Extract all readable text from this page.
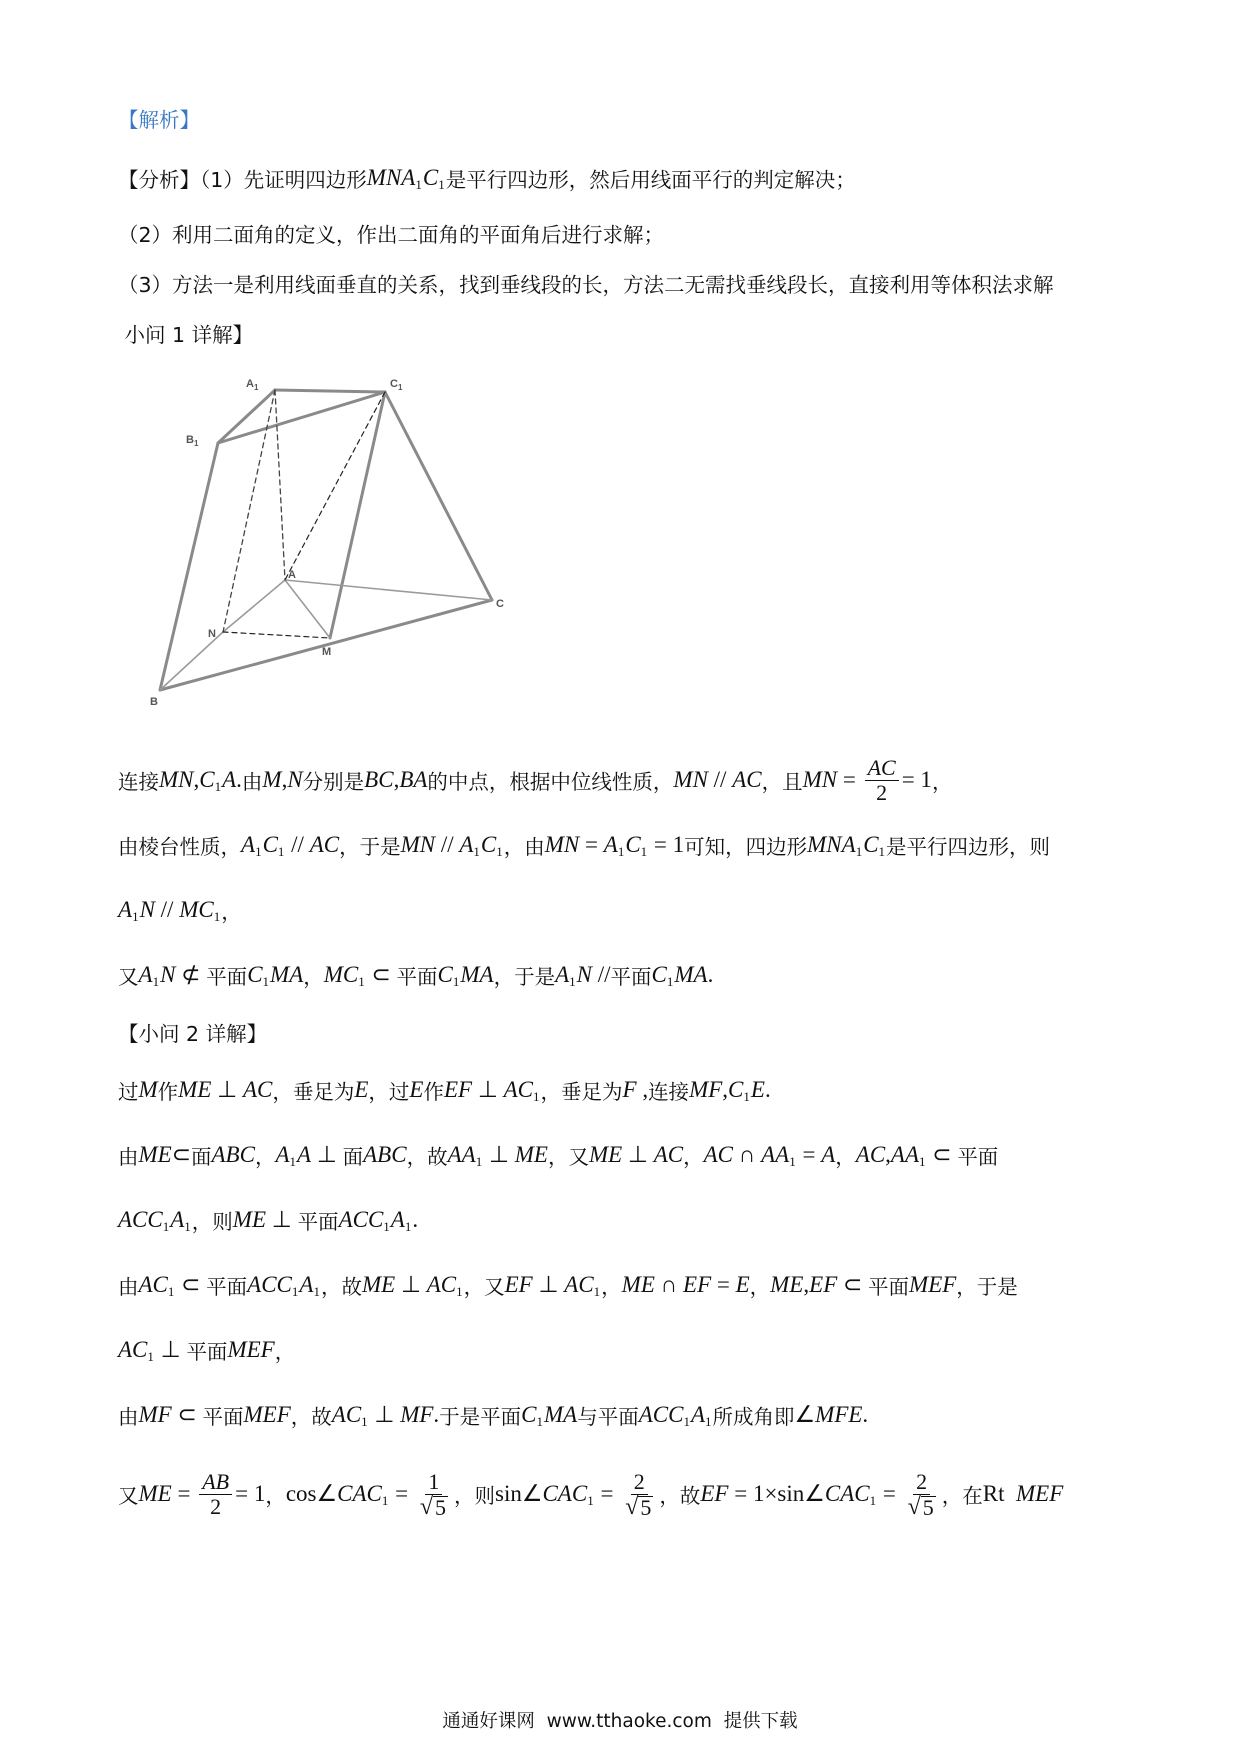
【解析】
【分析】（1）先证明四边形 MNA 1 C 1 是平行四边形，然后用线面平行的判定解决；
（2）利用二面角的定义，作出二面角的平面角后进行求解；
（3）方法一是利用线面垂直的关系，找到垂线段的长，方法二无需找垂线段长，直接利用等体积法求解
小问 1 详解】
$A_1$	$C_1$
$B_1$
A
C
N
M
B
连接 MN , C 1 A . 由 M , N 分别是 BC , BA 的中点，根据中位线性质， MN // AC ，且 MN = $\frac{AC}{2} = 1$ ，
由棱台性质， A 1 C 1 // AC ，于是 MN // A 1 C 1 ，由 MN = A 1 C 1 = 1 可知，四边形 MNA 1 C 1 是平行四边形，则
A 1 N // MC 1 ，
又 A 1 N ⊄ 平面 C 1 MA ， MC 1 ⊂ 平面 C 1 MA ，于是 A 1 N // 平面 C 1 MA .
【小问 2 详解】
过 M 作 ME ⊥ AC ，垂足为 E ，过 E 作 EF ⊥ AC 1 ，垂足为 F , 连接 MF , C 1 E .
由 ME ⊂ 面 ABC ， A 1 A ⊥ 面 ABC ，故 AA 1 ⊥ ME ，又 ME ⊥ AC ， AC ∩ AA 1 = A ， AC , AA 1 ⊂ 平面
ACC 1 A 1 ，则 ME ⊥ 平面 ACC 1 A 1 .
由 AC 1 ⊂ 平面 ACC 1 A 1 ，故 ME ⊥ AC 1 ，又 EF ⊥ AC 1 ， ME ∩ EF = E ， ME , EF ⊂ 平面 MEF ，于是
AC 1 ⊥ 平面 MEF ，
由 MF ⊂ 平面 MEF ，故 AC 1 ⊥ MF . 于是平面 C 1 MA 与平面 ACC 1 A 1 所成角即 ∠ MFE .
又 ME = $\frac{AB}{2} = 1$ ， cos∠ CAC $1 = \frac{1}{√ 5}$ ，则 sin∠ CAC $1 = \frac{2}{√ 5}$ ，故 EF = 1×sin∠ CAC $1 = \frac{2}{√ 5}$ ，在 Rt MEF
通通好课网  www.tthaoke.com  提供下载
